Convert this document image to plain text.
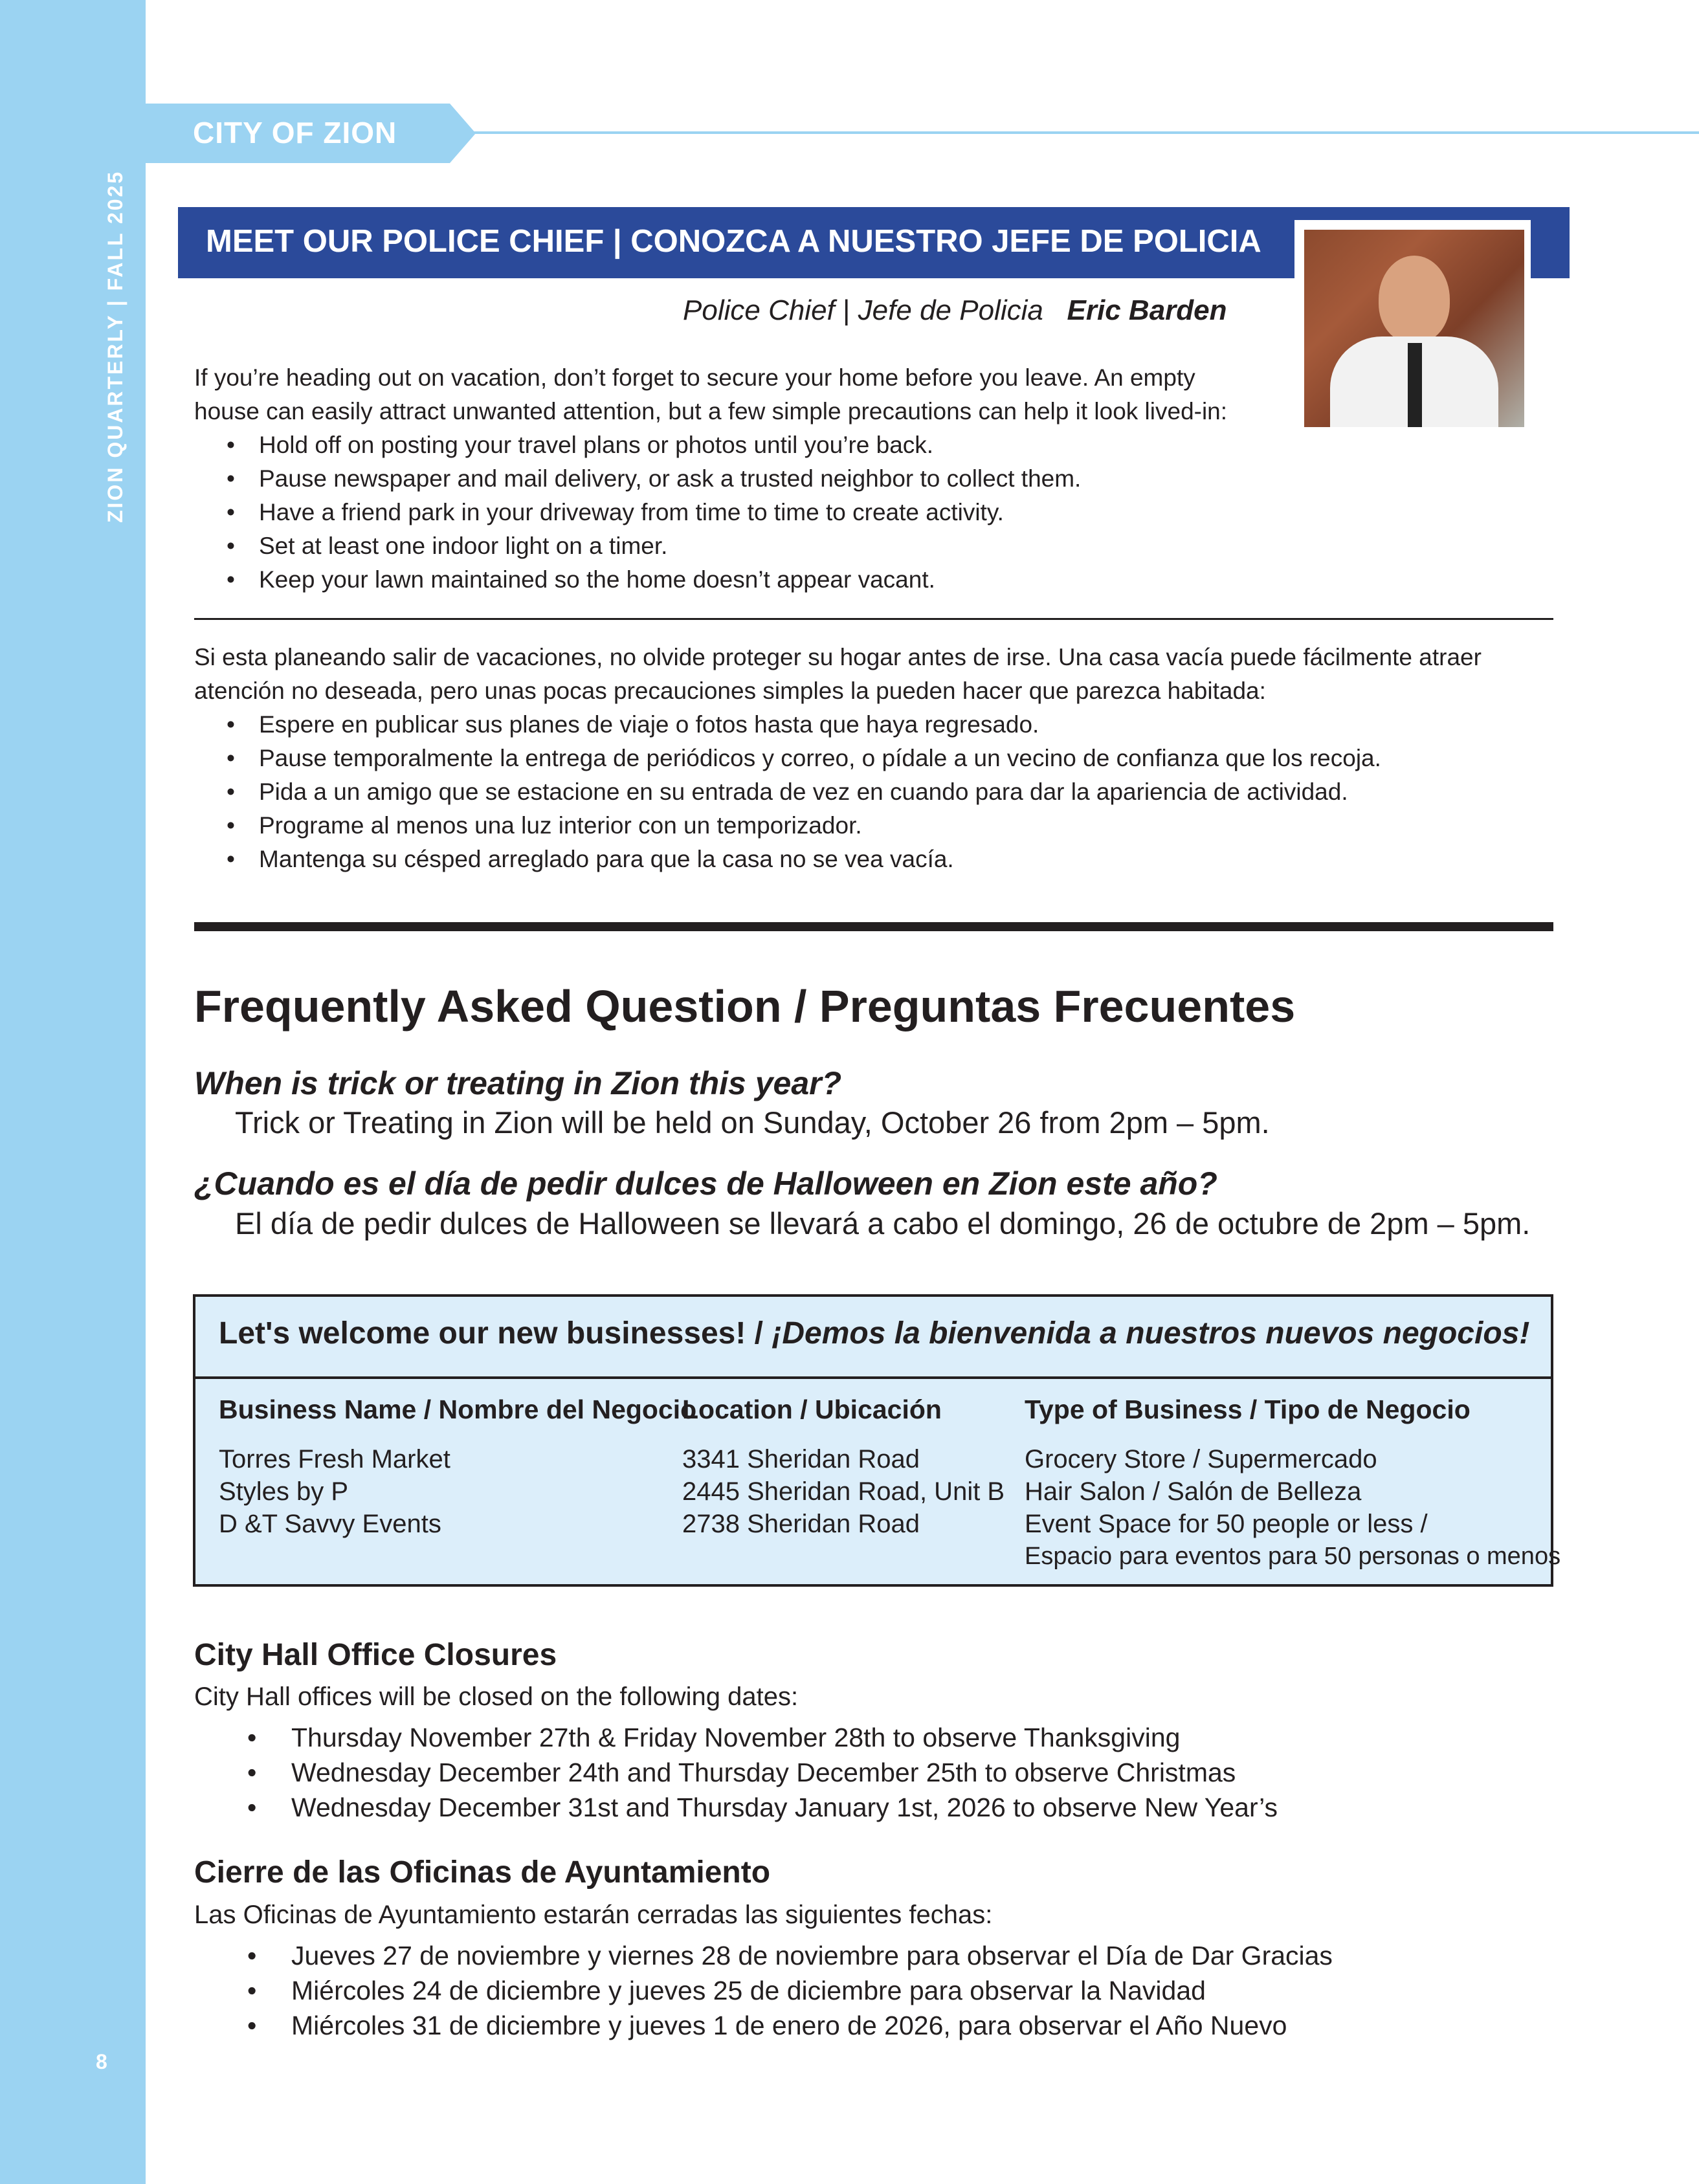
ZION QUARTERLY | FALL 2025
8
CITY OF ZION
MEET OUR POLICE CHIEF | CONOZCA A NUESTRO JEFE DE POLICIA
Police Chief | Jefe de Policia Eric Barden
If you’re heading out on vacation, don’t forget to secure your home before you leave. An empty house can easily attract unwanted attention, but a few simple precautions can help it look lived-in:
• Hold off on posting your travel plans or photos until you’re back.
• Pause newspaper and mail delivery, or ask a trusted neighbor to collect them.
• Have a friend park in your driveway from time to time to create activity.
• Set at least one indoor light on a timer.
• Keep your lawn maintained so the home doesn’t appear vacant.
Si esta planeando salir de vacaciones, no olvide proteger su hogar antes de irse. Una casa vacía puede fácilmente atraer atención no deseada, pero unas pocas precauciones simples la pueden hacer que parezca habitada:
• Espere en publicar sus planes de viaje o fotos hasta que haya regresado.
• Pause temporalmente la entrega de periódicos y correo, o pídale a un vecino de confianza que los recoja.
• Pida a un amigo que se estacione en su entrada de vez en cuando para dar la apariencia de actividad.
• Programe al menos una luz interior con un temporizador.
• Mantenga su césped arreglado para que la casa no se vea vacía.
Frequently Asked Question / Preguntas Frecuentes
When is trick or treating in Zion this year?
Trick or Treating in Zion will be held on Sunday, October 26 from 2pm – 5pm.
¿Cuando es el día de pedir dulces de Halloween en Zion este año?
El día de pedir dulces de Halloween se llevará a cabo el domingo, 26 de octubre de 2pm – 5pm.
Let's welcome our new businesses! / ¡Demos la bienvenida a nuestros nuevos negocios!
Business Name / Nombre del Negocio
Location / Ubicación	Type of Business / Tipo de Negocio
Torres Fresh Market
Styles by P
D &T Savvy Events
3341 Sheridan Road
2445 Sheridan Road, Unit B
2738 Sheridan Road
Grocery Store / Supermercado
Hair Salon / Salón de Belleza
Event Space for 50 people or less /
Espacio para eventos para 50 personas o menos
City Hall Office Closures
City Hall offices will be closed on the following dates:
• Thursday November 27th & Friday November 28th to observe Thanksgiving
• Wednesday December 24th and Thursday December 25th to observe Christmas
• Wednesday December 31st and Thursday January 1st, 2026 to observe New Year’s
Cierre de las Oficinas de Ayuntamiento
Las Oficinas de Ayuntamiento estarán cerradas las siguientes fechas:
• Jueves 27 de noviembre y viernes 28 de noviembre para observar el Día de Dar Gracias
• Miércoles 24 de diciembre y jueves 25 de diciembre para observar la Navidad
• Miércoles 31 de diciembre y jueves 1 de enero de 2026, para observar el Año Nuevo
